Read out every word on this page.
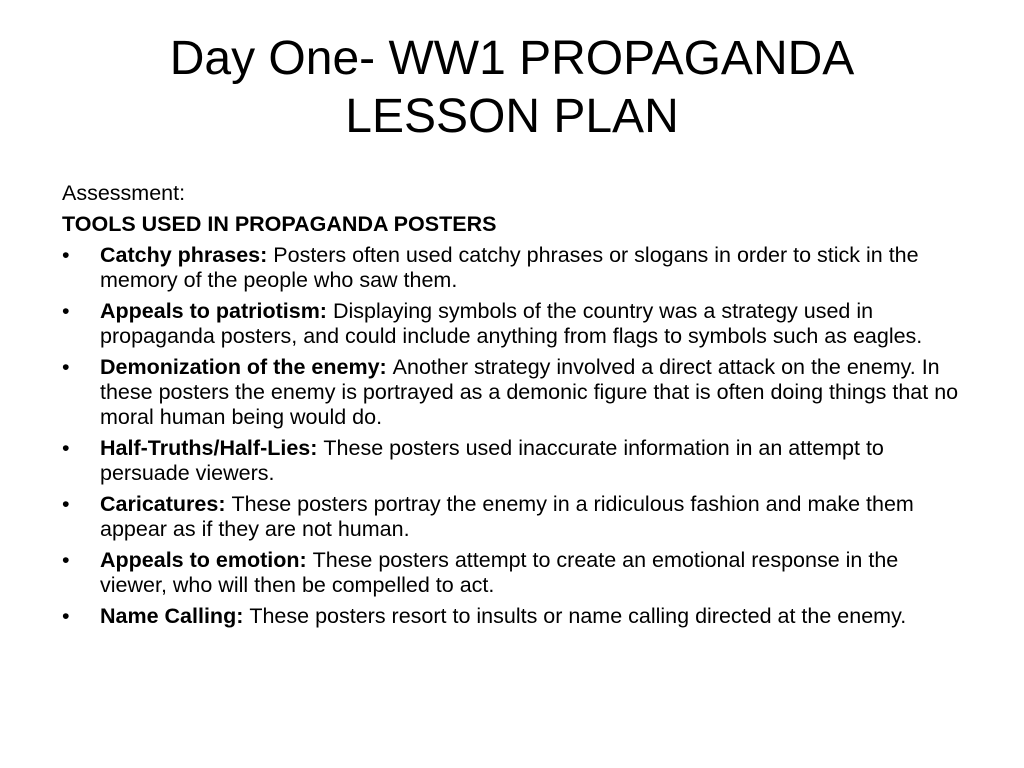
Day One- WW1 PROPAGANDA
LESSON PLAN

Assessment:

TOOLS USED IN PROPAGANDA POSTERS

•	Catchy phrases: Posters often used catchy phrases or slogans in order to stick in the memory of the people who saw them.
•	Appeals to patriotism: Displaying symbols of the country was a strategy used in propaganda posters, and could include anything from flags to symbols such as eagles.
•	Demonization of the enemy: Another strategy involved a direct attack on the enemy. In these posters the enemy is portrayed as a demonic figure that is often doing things that no moral human being would do.
•	Half-Truths/Half-Lies: These posters used inaccurate information in an attempt to persuade viewers.
•	Caricatures: These posters portray the enemy in a ridiculous fashion and make them appear as if they are not human.
•	Appeals to emotion: These posters attempt to create an emotional response in the viewer, who will then be compelled to act.
•	Name Calling: These posters resort to insults or name calling directed at the enemy.
